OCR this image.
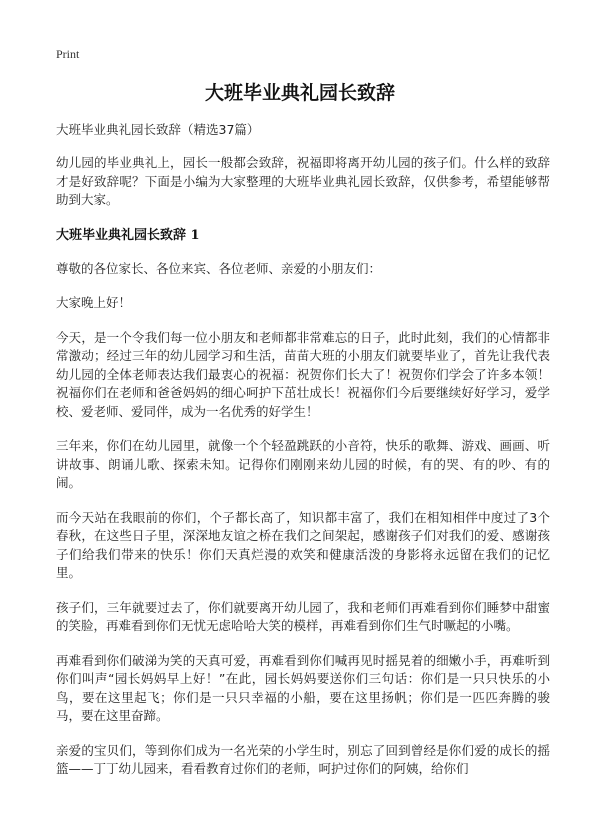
Print
大班毕业典礼园长致辞

大班毕业典礼园长致辞（精选37篇）

幼儿园的毕业典礼上，园长一般都会致辞，祝福即将离开幼儿园的孩子们。什么样的致辞才是好致辞呢？下面是小编为大家整理的大班毕业典礼园长致辞，仅供参考，希望能够帮助到大家。

大班毕业典礼园长致辞 1

尊敬的各位家长、各位来宾、各位老师、亲爱的小朋友们：

大家晚上好！

今天，是一个令我们每一位小朋友和老师都非常难忘的日子，此时此刻，我们的心情都非常激动；经过三年的幼儿园学习和生活，苗苗大班的小朋友们就要毕业了，首先让我代表幼儿园的全体老师表达我们最衷心的祝福：祝贺你们长大了！祝贺你们学会了许多本领！祝福你们在老师和爸爸妈妈的细心呵护下茁壮成长！祝福你们今后要继续好好学习，爱学校、爱老师、爱同伴，成为一名优秀的好学生！

三年来，你们在幼儿园里，就像一个个轻盈跳跃的小音符，快乐的歌舞、游戏、画画、听讲故事、朗诵儿歌、探索未知。记得你们刚刚来幼儿园的时候，有的哭、有的吵、有的闹。

而今天站在我眼前的你们，个子都长高了，知识都丰富了，我们在相知相伴中度过了3个春秋，在这些日子里，深深地友谊之桥在我们之间架起，感谢孩子们对我们的爱、感谢孩子们给我们带来的快乐！你们天真烂漫的欢笑和健康活泼的身影将永远留在我们的记忆里。

孩子们，三年就要过去了，你们就要离开幼儿园了，我和老师们再难看到你们睡梦中甜蜜的笑脸，再难看到你们无忧无虑哈哈大笑的模样，再难看到你们生气时噘起的小嘴。

再难看到你们破涕为笑的天真可爱，再难看到你们喊再见时摇晃着的细嫩小手，再难听到你们叫声“园长妈妈早上好！”在此，园长妈妈要送你们三句话：你们是一只只快乐的小鸟，要在这里起飞；你们是一只只幸福的小船，要在这里扬帆；你们是一匹匹奔腾的骏马，要在这里奋蹄。

亲爱的宝贝们，等到你们成为一名光荣的小学生时，别忘了回到曾经是你们爱的成长的摇篮——丁丁幼儿园来，看看教育过你们的老师，呵护过你们的阿姨，给你们
